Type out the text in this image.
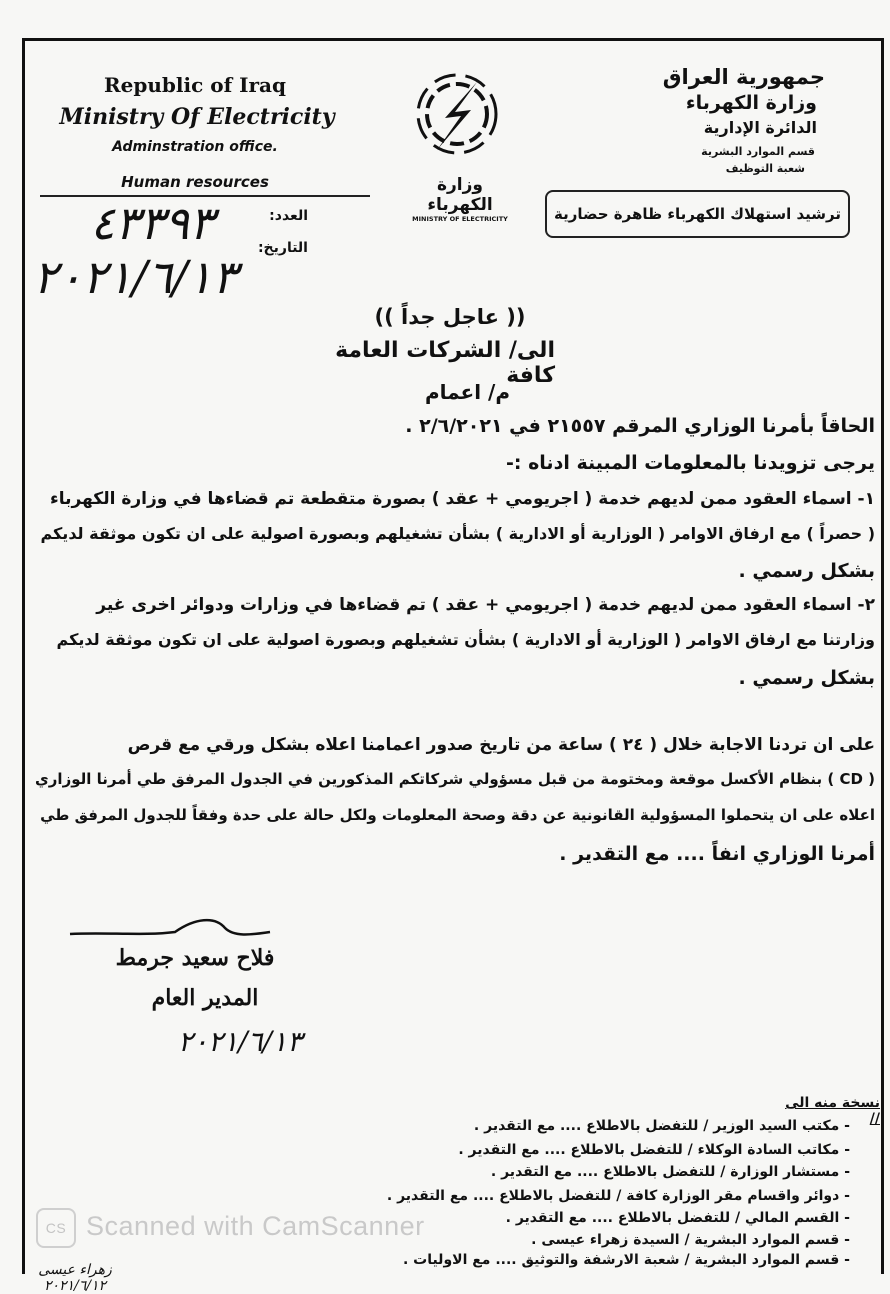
Republic of Iraq
Ministry Of Electricity
Adminstration office.
Human resources
العدد:
التاريخ:
٤٣٣٩٣
٢٠٢١/٦/١٣
وزارة الكهرباء
MINISTRY OF ELECTRICITY
جمهورية العراق
وزارة الكهرباء
الدائرة الإدارية
قسم الموارد البشرية
شعبة التوظيف
ترشيد استهلاك الكهرباء ظاهرة حضارية
(( عاجل جداً ))
الى/ الشركات العامة كافة
م/ اعمام
الحاقاً بأمرنا الوزاري المرقم ٢١٥٥٧ في ٢/٦/٢٠٢١ .
يرجى تزويدنا بالمعلومات المبينة ادناه :-
١- اسماء العقود ممن لديهم خدمة ( اجريومي + عقد ) بصورة متقطعة تم قضاءها في وزارة الكهرباء
( حصراً ) مع ارفاق الاوامر ( الوزارية أو الادارية ) بشأن تشغيلهم وبصورة اصولية على ان تكون موثقة لديكم
بشكل رسمي .
٢- اسماء العقود ممن لديهم خدمة ( اجريومي + عقد ) تم قضاءها في وزارات ودوائر اخرى غير
وزارتنا مع ارفاق الاوامر ( الوزارية أو الادارية ) بشأن تشغيلهم وبصورة اصولية على ان تكون موثقة لديكم
بشكل رسمي .
على ان تردنا الاجابة خلال ( ٢٤ ) ساعة من تاريخ صدور اعمامنا اعلاه بشكل ورقي مع قرص
( CD ) بنظام الأكسل موقعة ومختومة من قبل مسؤولي شركاتكم المذكورين في الجدول المرفق طي أمرنا الوزاري
اعلاه على ان يتحملوا المسؤولية القانونية عن دقة وصحة المعلومات ولكل حالة على حدة وفقاً للجدول المرفق طي
أمرنا الوزاري انفاً .... مع التقدير .
فلاح سعيد جرمط
المدير العام
٢٠٢١/٦/١٣
نسخة منه الى //
- مكتب السيد الوزير / للتفضل بالاطلاع .... مع التقدير .
- مكاتب السادة الوكلاء / للتفضل بالاطلاع .... مع التقدير .
- مستشار الوزارة / للتفضل بالاطلاع .... مع التقدير .
- دوائر واقسام مقر الوزارة كافة / للتفضل بالاطلاع .... مع التقدير .
- القسم المالي / للتفضل بالاطلاع .... مع التقدير .
- قسم الموارد البشرية / السيدة زهراء عيسى .
- قسم الموارد البشرية / شعبة الارشفة والتوثيق .... مع الاوليات .
زهراء عيسى ٢٠٢١/٦/١٢
CS Scanned with CamScanner
